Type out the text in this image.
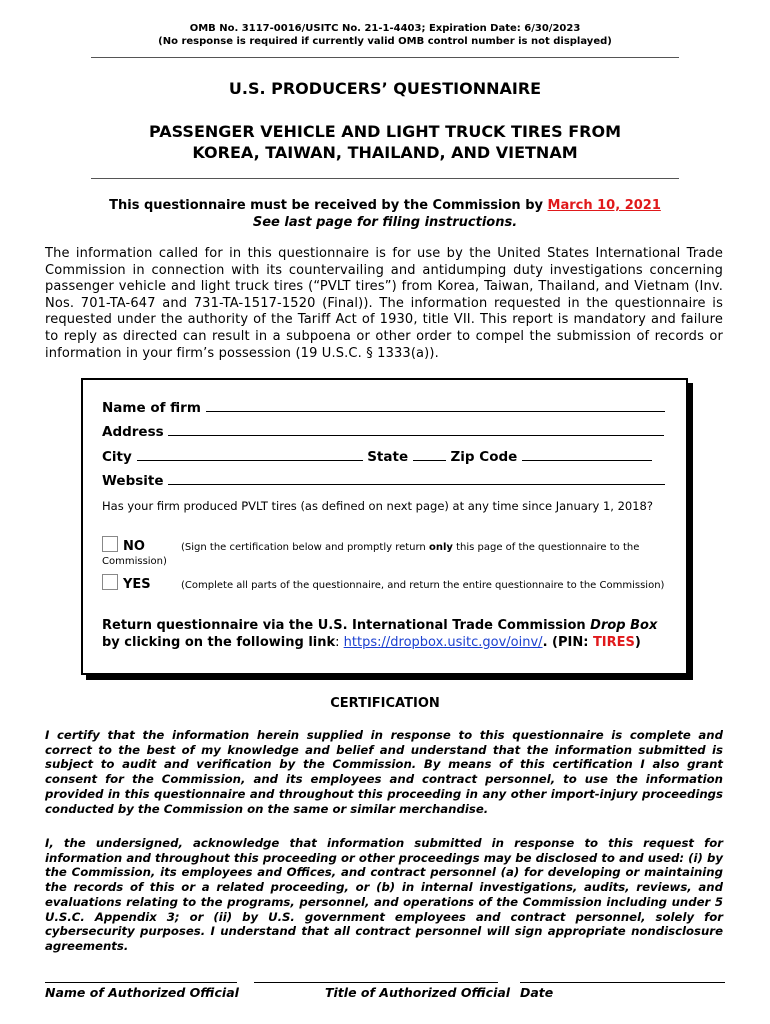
OMB No. 3117-0016/USITC No. 21-1-4403; Expiration Date: 6/30/2023
(No response is required if currently valid OMB control number is not displayed)
U.S. PRODUCERS’ QUESTIONNAIRE
PASSENGER VEHICLE AND LIGHT TRUCK TIRES FROM
KOREA, TAIWAN, THAILAND, AND VIETNAM
This questionnaire must be received by the Commission by March 10, 2021
See last page for filing instructions.
The information called for in this questionnaire is for use by the United States International Trade Commission in connection with its countervailing and antidumping duty investigations concerning passenger vehicle and light truck tires (“PVLT tires”) from Korea, Taiwan, Thailand, and Vietnam (Inv. Nos. 701-TA-647 and 731-TA-1517-1520 (Final)). The information requested in the questionnaire is requested under the authority of the Tariff Act of 1930, title VII. This report is mandatory and failure to reply as directed can result in a subpoena or other order to compel the submission of records or information in your firm’s possession (19 U.S.C. § 1333(a)).
Name of firm
Address
City	State	Zip Code
Website
Has your firm produced PVLT tires (as defined on next page) at any time since January 1, 2018?
NO	(Sign the certification below and promptly return only this page of the questionnaire to the Commission)
YES	(Complete all parts of the questionnaire, and return the entire questionnaire to the Commission)
Return questionnaire via the U.S. International Trade Commission Drop Box by clicking on the following link: https://dropbox.usitc.gov/oinv/. (PIN: TIRES)
CERTIFICATION
I certify that the information herein supplied in response to this questionnaire is complete and correct to the best of my knowledge and belief and understand that the information submitted is subject to audit and verification by the Commission. By means of this certification I also grant consent for the Commission, and its employees and contract personnel, to use the information provided in this questionnaire and throughout this proceeding in any other import-injury proceedings conducted by the Commission on the same or similar merchandise.
I, the undersigned, acknowledge that information submitted in response to this request for information and throughout this proceeding or other proceedings may be disclosed to and used: (i) by the Commission, its employees and Offices, and contract personnel (a) for developing or maintaining the records of this or a related proceeding, or (b) in internal investigations, audits, reviews, and evaluations relating to the programs, personnel, and operations of the Commission including under 5 U.S.C. Appendix 3; or (ii) by U.S. government employees and contract personnel, solely for cybersecurity purposes. I understand that all contract personnel will sign appropriate nondisclosure agreements.
Name of Authorized Official	Title of Authorized Official Date
